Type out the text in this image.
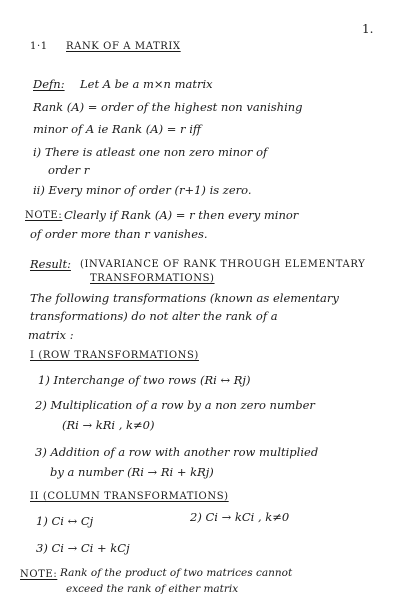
1.
1·1 RANK OF A MATRIX
Defn: Let A be a m×n matrix
Rank (A) = order of the highest non vanishing
minor of A ie Rank (A) = r iff
i) There is atleast one non zero minor of
order r
ii) Every minor of order (r+1) is zero.
NOTE: Clearly if Rank (A) = r then every minor
of order more than r vanishes.
Result: (INVARIANCE OF RANK THROUGH ELEMENTARY
TRANSFORMATIONS)
The following transformations (known as elementary
transformations) do not alter the rank of a
matrix :
I (ROW TRANSFORMATIONS)
1) Interchange of two rows (Ri ↔ Rj)
2) Multiplication of a row by a non zero number
(Ri → kRi , k≠0)
3) Addition of a row with another row multiplied
by a number (Ri → Ri + kRj)
II (COLUMN TRANSFORMATIONS)
1) Ci ↔ Cj	2) Ci → kCi , k≠0
3) Ci → Ci + kCj
NOTE: Rank of the product of two matrices cannot
exceed the rank of either matrix
